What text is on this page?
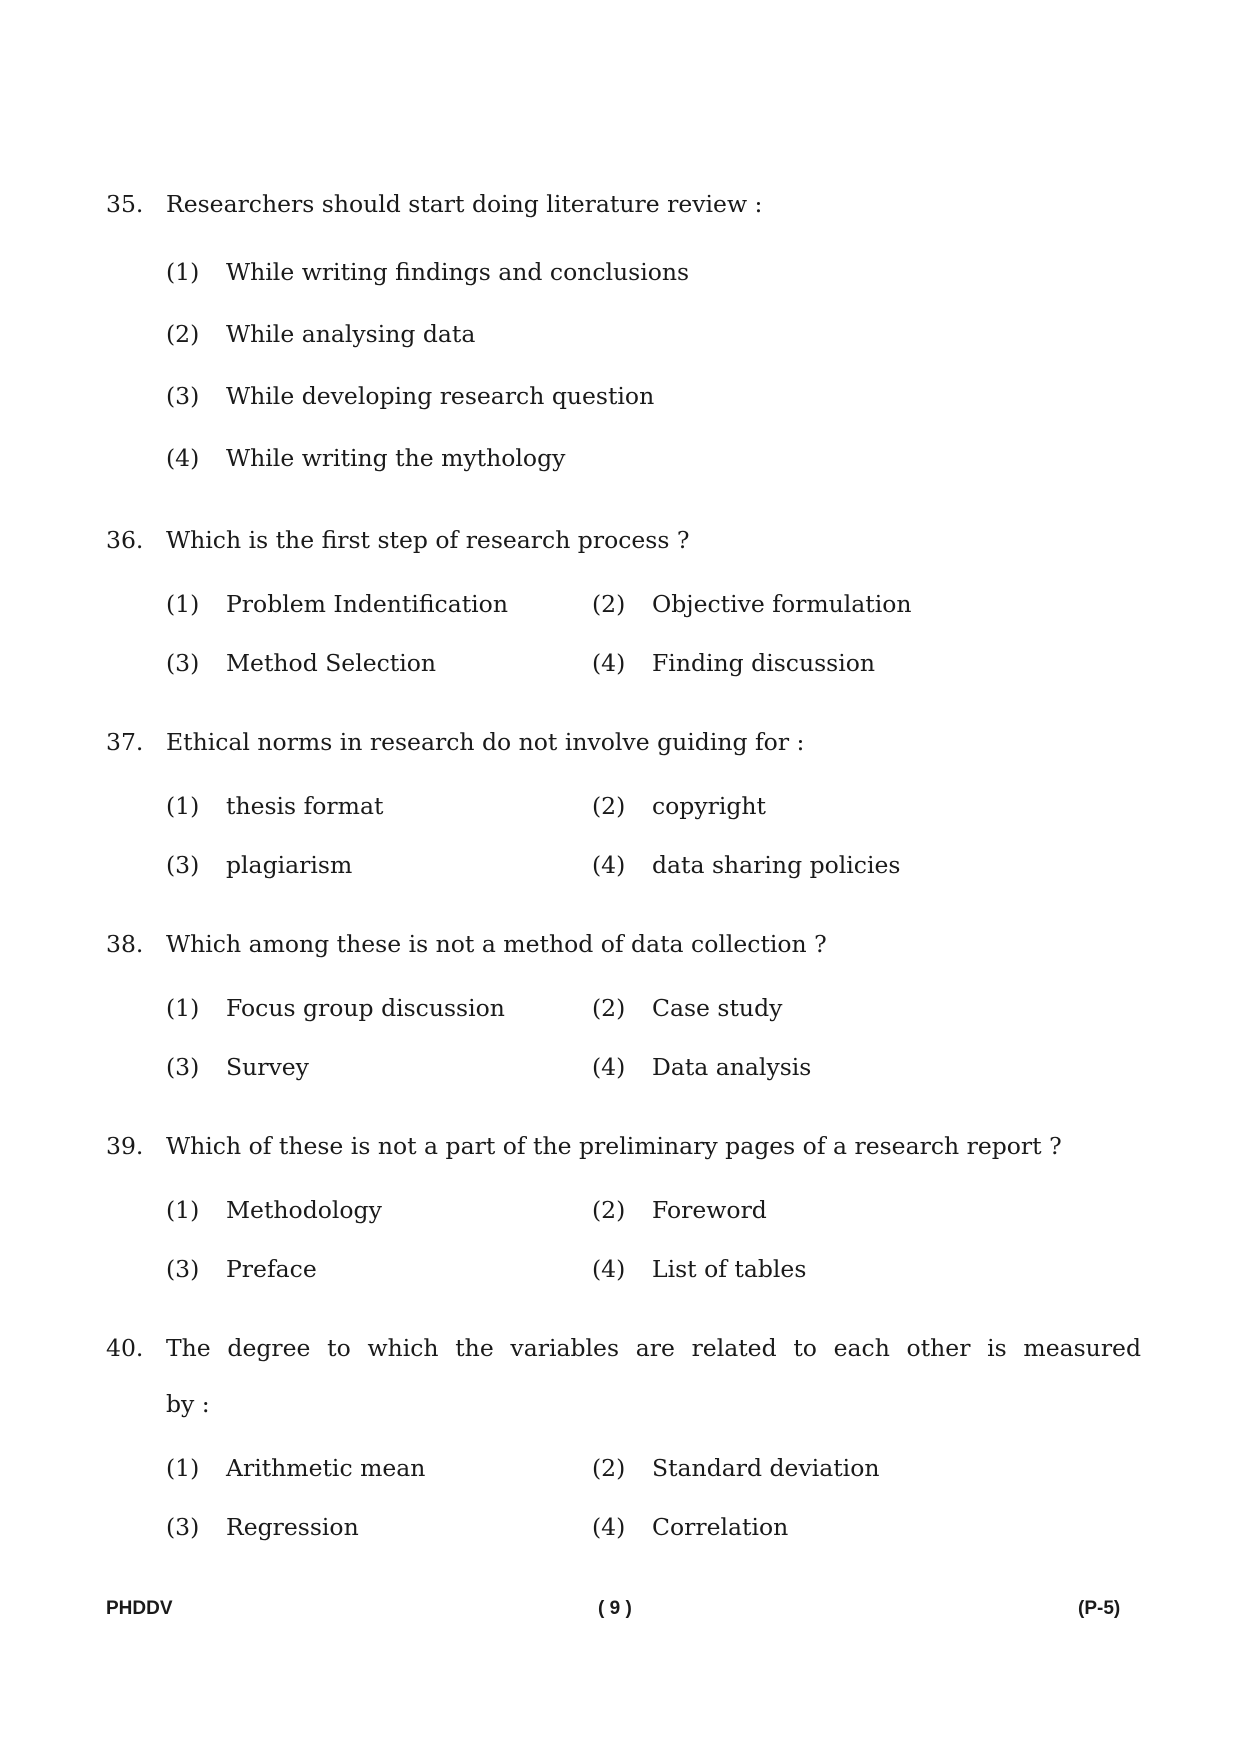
35. Researchers should start doing literature review :
(1) While writing findings and conclusions
(2) While analysing data
(3) While developing research question
(4) While writing the mythology
36. Which is the first step of research process ?
(1) Problem Indentification	(2) Objective formulation
(3) Method Selection	(4) Finding discussion
37. Ethical norms in research do not involve guiding for :
(1) thesis format	(2) copyright
(3) plagiarism	(4) data sharing policies
38. Which among these is not a method of data collection ?
(1) Focus group discussion	(2) Case study
(3) Survey	(4) Data analysis
39. Which of these is not a part of the preliminary pages of a research report ?
(1) Methodology	(2) Foreword
(3) Preface	(4) List of tables
40. The degree to which the variables are related to each other is measured
by :
(1) Arithmetic mean	(2) Standard deviation
(3) Regression	(4) Correlation
PHDDV	( 9 )	(P-5)
